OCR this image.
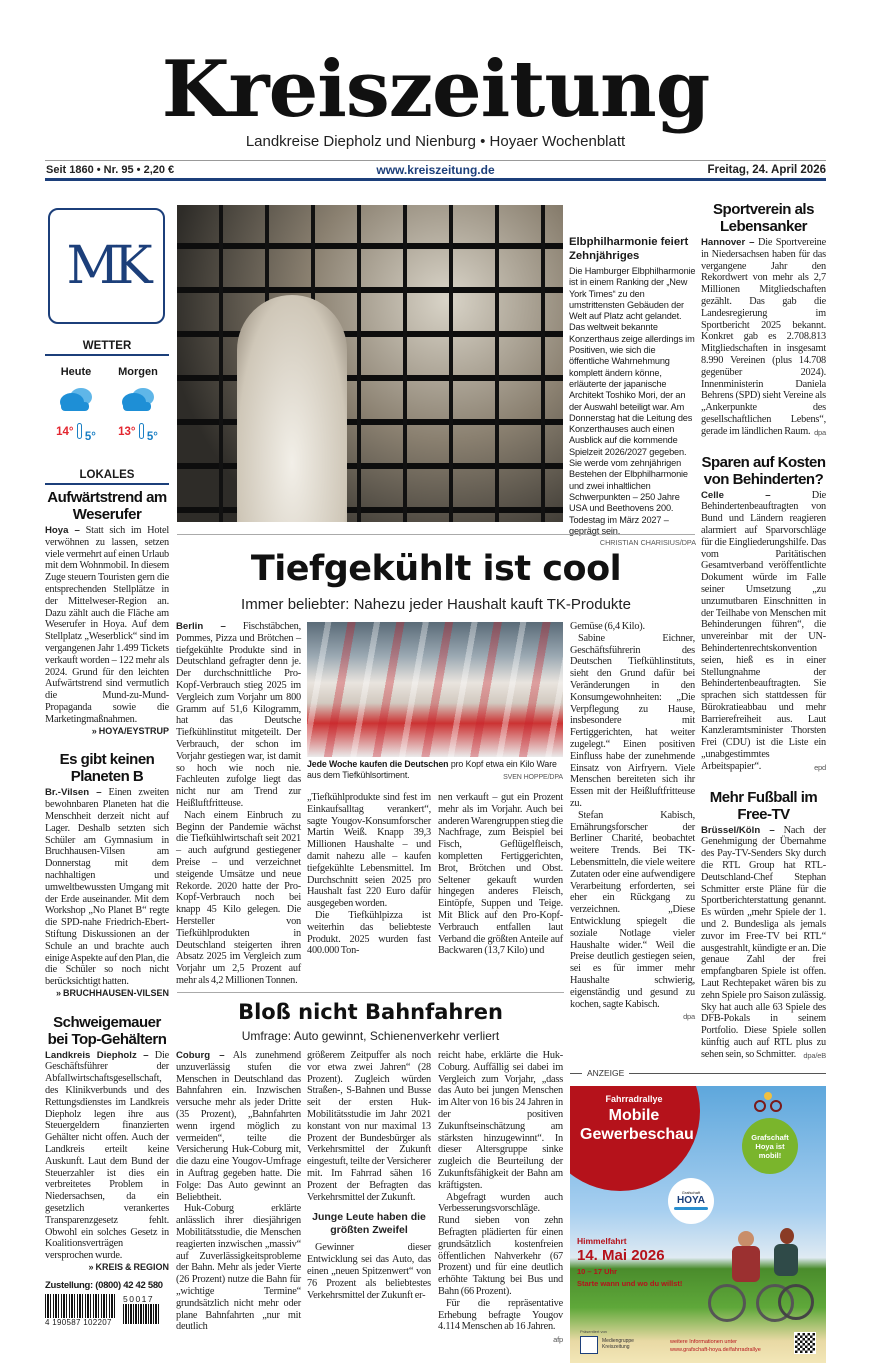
Kreiszeitung
Landkreise Diepholz und Nienburg • Hoyaer Wochenblatt
Seit 1860 • Nr. 95 • 2,20 €	www.kreiszeitung.de	Freitag, 24. April 2026
MK
WETTER
Heute
14° 5°
Morgen
13° 5°
LOKALES
Aufwärtstrend am Weserufer
Hoya – Statt sich im Hotel verwöhnen zu lassen, setzen viele vermehrt auf einen Urlaub mit dem Wohnmobil. In diesem Zuge steuern Touristen gern die entsprechenden Stellplätze in der Mittelweser-Region an. Dazu zählt auch die Fläche am Weserufer in Hoya. Auf dem Stellplatz „Weserblick“ sind im vergangenen Jahr 1.499 Tickets verkauft worden – 122 mehr als 2024. Grund für den leichten Aufwärtstrend sind vermutlich die Mund-zu-Mund-Propaganda sowie die Marketingmaßnahmen.
» HOYA/EYSTRUP
Es gibt keinen Planeten B
Br.-Vilsen – Einen zweiten bewohnbaren Planeten hat die Menschheit derzeit nicht auf Lager. Deshalb setzten sich Schüler am Gymnasium in Bruchhausen-Vilsen am Donnerstag mit dem nachhaltigen und umweltbewussten Umgang mit der Erde auseinander. Mit dem Workshop „No Planet B“ regte die SPD-nahe Friedrich-Ebert-Stiftung Diskussionen an der Schule an und brachte auch einige Aspekte auf den Plan, die die Schüler so noch nicht berücksichtigt hatten.
» BRUCHHAUSEN-VILSEN
Schweigemauer bei Top-Gehältern
Landkreis Diepholz – Die Geschäftsführer der Abfallwirtschaftsgesellschaft, des Klinikverbunds und des Rettungsdienstes im Landkreis Diepholz legen ihre aus Steuergeldern finanzierten Gehälter nicht offen. Auch der Landkreis erteilt keine Auskunft. Laut dem Bund der Steuerzahler ist dies ein verbreitetes Problem in Niedersachsen, da ein gesetzlich verankertes Transparenzgesetz fehlt. Obwohl ein solches Gesetz in Koalitionsverträgen versprochen wurde.
» KREIS & REGION
Zustellung: (0800) 42 42 580
4 190587 102207
50017
Elbphilharmonie feiert Zehnjähriges
Die Hamburger Elbphilharmonie ist in einem Ranking der „New York Times“ zu den umstrittensten Gebäuden der Welt auf Platz acht gelandet. Das weltweit bekannte Konzerthaus zeige allerdings im Positiven, wie sich die öffentliche Wahrnehmung komplett ändern könne, erläuterte der japanische Architekt Toshiko Mori, der an der Auswahl beteiligt war. Am Donnerstag hat die Leitung des Konzerthauses auch einen Ausblick auf die kommende Spielzeit 2026/2027 gegeben. Sie werde vom zehnjährigen Bestehen der Elbphilharmonie und zwei inhaltlichen Schwerpunkten – 250 Jahre USA und Beethovens 200. Todestag im März 2027 – geprägt sein.
CHRISTIAN CHARISIUS/DPA
Sportverein als Lebensanker
Hannover – Die Sportvereine in Niedersachsen haben für das vergangene Jahr den Rekordwert von mehr als 2,7 Millionen Mitgliedschaften gezählt. Das gab die Landesregierung im Sportbericht 2025 bekannt. Konkret gab es 2.708.813 Mitgliedschaften in insgesamt 8.990 Vereinen (plus 14.708 gegenüber 2024). Innenministerin Daniela Behrens (SPD) sieht Vereine als „Ankerpunkte des gesellschaftlichen Lebens“, gerade im ländlichen Raum. dpa
Sparen auf Kosten von Behinderten?
Celle –	Die Behindertenbeauftragten von Bund und Ländern reagieren alarmiert auf Sparvorschläge für die Eingliederungshilfe. Das vom Paritätischen Gesamtverband veröffentlichte Dokument würde im Falle seiner Umsetzung „zu unzumutbaren Einschnitten in der Teilhabe von Menschen mit Behinderungen führen“, die unvereinbar mit der UN-Behindertenrechtskonvention seien, hieß es in einer Stellungnahme der Behindertenbeauftragten. Sie sprachen sich stattdessen für Bürokratieabbau und mehr Barrierefreiheit aus. Laut Kanzleramtsminister Thorsten Frei (CDU) ist die Liste ein „unabgestimmtes Arbeitspapier“.	epd
Mehr Fußball im Free-TV
Brüssel/Köln – Nach der Genehmigung der Übernahme des Pay-TV-Senders Sky durch die RTL Group hat RTL-Deutschland-Chef Stephan Schmitter erste Pläne für die Sportberichterstattung genannt. Es würden „mehr Spiele der 1. und 2. Bundesliga als jemals zuvor im Free-TV bei RTL“ ausgestrahlt, kündigte er an. Die genaue Zahl der frei empfangbaren Spiele ist offen. Laut Rechtepaket wären bis zu zehn Spiele pro Saison zulässig. Sky hat auch alle 63 Spiele des DFB-Pokals in seinem Portfolio. Diese Spiele sollen künftig auch auf RTL plus zu sehen sein, so Schmitter. dpa/eB
Tiefgekühlt ist cool
Immer beliebter: Nahezu jeder Haushalt kauft TK-Produkte

Berlin – Fischstäbchen, Pommes, Pizza und Brötchen – tiefgekühlte Produkte sind in Deutschland gefragter denn je. Der durchschnittliche Pro-Kopf-Verbrauch stieg 2025 im Vergleich zum Vorjahr um 800 Gramm auf 51,6 Kilogramm, hat das Deutsche Tiefkühlinstitut mitgeteilt. Der Verbrauch, der schon im Vorjahr gestiegen war, ist damit so hoch wie noch nie. Fachleuten zufolge liegt das nicht nur am Trend zur Heißluftfritteuse.

Nach einem Einbruch zu Beginn der Pandemie wächst die Tiefkühlwirtschaft seit 2021 – auch aufgrund gestiegener Preise – und verzeichnet steigende Umsätze und neue Rekorde. 2020 hatte der Pro-Kopf-Verbrauch noch bei knapp 45 Kilo gelegen. Die Hersteller von Tiefkühlprodukten in Deutschland steigerten ihren Absatz 2025 im Vergleich zum Vorjahr um 2,5 Prozent auf mehr als 4,2 Millionen Tonnen.

Jede Woche kaufen die Deutschen pro Kopf etwa ein Kilo Ware aus dem Tiefkühlsortiment.	SVEN HOPPE/DPA

„Tiefkühlprodukte sind fest im Einkaufsalltag verankert“, sagte Yougov-Konsumforscher Martin Weiß. Knapp 39,3 Millionen Haushalte – und damit nahezu alle – kaufen tiefgekühlte Lebensmittel. Im Durchschnitt seien 2025 pro Haushalt fast 220 Euro dafür ausgegeben worden.

Die Tiefkühlpizza ist weiterhin das beliebteste Produkt. 2025 wurden fast 400.000 Ton-

nen verkauft – gut ein Prozent mehr als im Vorjahr. Auch bei anderen Warengruppen stieg die Nachfrage, zum Beispiel bei Fisch, Geflügelfleisch, kompletten Fertiggerichten, Brot, Brötchen und Obst. Seltener gekauft wurden hingegen anderes Fleisch, Eintöpfe, Suppen und Teige. Mit Blick auf den Pro-Kopf-Verbrauch entfallen laut Verband die größten Anteile auf Backwaren (13,7 Kilo) und

Gemüse (6,4 Kilo).

Sabine Eichner, Geschäftsführerin des Deutschen Tiefkühlinstituts, sieht den Grund dafür bei Veränderungen in den Konsumgewohnheiten: „Die Verpflegung zu Hause, insbesondere mit Fertiggerichten, hat weiter zugelegt.“ Einen positiven Einfluss habe der zunehmende Einsatz von Airfryern. Viele Menschen bereiteten sich ihr Essen mit der Heißluftfritteuse zu.

Stefan Kabisch, Ernährungsforscher der Berliner Charité, beobachtet weitere Trends. Bei TK-Lebensmitteln, die viele weitere Zutaten oder eine aufwendigere Verarbeitung erforderten, sei eher ein Rückgang zu verzeichnen. „Diese Entwicklung spiegelt die soziale Notlage vieler Haushalte wider.“ Weil die Preise deutlich gestiegen seien, sei es für immer mehr Haushalte schwierig, eigenständig und gesund zu kochen, sagte Kabisch.

dpa
Bloß nicht Bahnfahren
Umfrage: Auto gewinnt, Schienenverkehr verliert

Coburg – Als zunehmend unzuverlässig stufen die Menschen in Deutschland das Bahnfahren ein. Inzwischen versuche mehr als jeder Dritte (35 Prozent), „Bahnfahrten wenn irgend möglich zu vermeiden“, teilte die Versicherung Huk-Coburg mit, die dazu eine Yougov-Umfrage in Auftrag gegeben hatte. Die Folge: Das Auto gewinnt an Beliebtheit.

Huk-Coburg erklärte anlässlich ihrer diesjährigen Mobilitätsstudie, die Menschen reagierten inzwischen „massiv“ auf Zuverlässigkeitsprobleme der Bahn. Mehr als jeder Vierte (26 Prozent) nutze die Bahn für „wichtige Termine“ grundsätzlich nicht mehr oder plane Bahnfahrten „nur mit deutlich

größerem Zeitpuffer als noch vor etwa zwei Jahren“ (28 Prozent). Zugleich würden Straßen-, S-Bahnen und Busse seit der ersten Huk-Mobilitätsstudie im Jahr 2021 konstant von nur maximal 13 Prozent der Bundesbürger als Verkehrsmittel der Zukunft eingestuft, teilte der Versicherer mit. Im Fahrrad sähen 16 Prozent der Befragten das Verkehrsmittel der Zukunft.

Junge Leute haben die größten Zweifel

Gewinner dieser Entwicklung sei das Auto, das einen „neuen Spitzenwert“ von 76 Prozent als beliebtestes Verkehrsmittel der Zukunft er-

reicht habe, erklärte die Huk-Coburg. Auffällig sei dabei im Vergleich zum Vorjahr, „dass das Auto bei jungen Menschen im Alter von 16 bis 24 Jahren in der positiven Zukunftseinschätzung am stärksten hinzugewinnt“. In dieser Altersgruppe sinke zugleich die Beurteilung der Zukunftsfähigkeit der Bahn am kräftigsten.

Abgefragt wurden auch Verbesserungsvorschläge. Rund sieben von zehn Befragten plädierten für einen grundsätzlich kostenfreien öffentlichen Nahverkehr (67 Prozent) und für eine deutlich erhöhte Taktung bei Bus und Bahn (66 Prozent).

Für die repräsentative Erhebung befragte Yougov 4.114 Menschen ab 16 Jahren.

afp
ANZEIGE
Fahrradrallye
Mobile Gewerbeschau
Grafschaft
HOYA
Grafschaft Hoya ist mobil!
Himmelfahrt
14. Mai 2026
10 – 17 Uhr
Starte wann und wo du willst!
Präsentiert von
Mediengruppe Kreiszeitung
weitere Informationen unter
www.grafschaft-hoya.de/fahrradrallye
